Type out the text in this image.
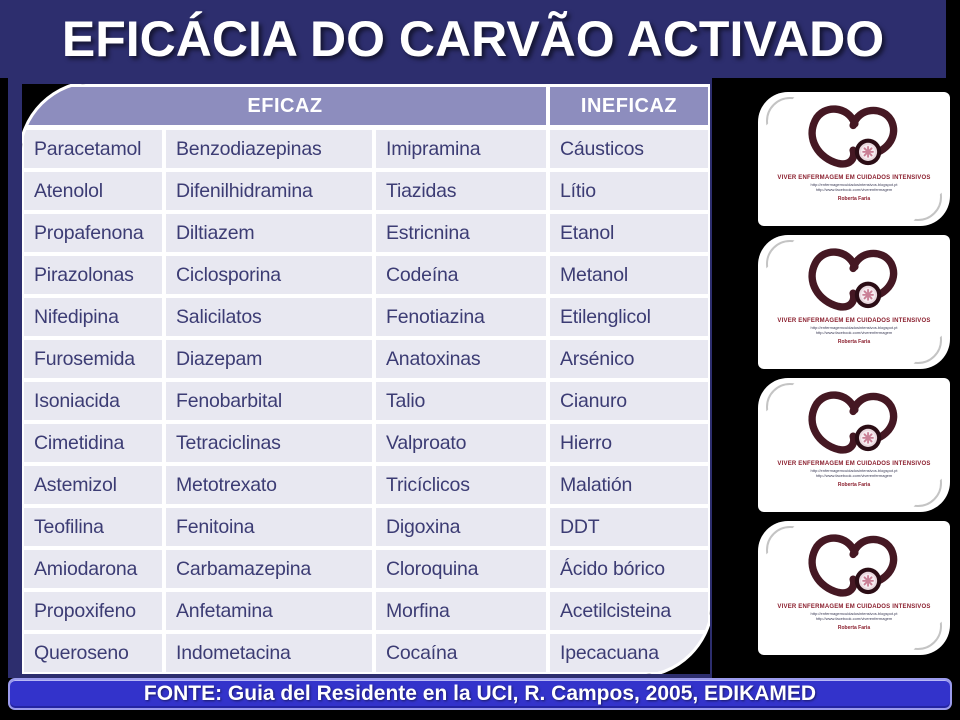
EFICÁCIA DO CARVÃO ACTIVADO
EFICAZ	INEFICAZ
Paracetamol	Benzodiazepinas	Imipramina	Cáusticos
Atenolol	Difenilhidramina	Tiazidas	Lítio
Propafenona	Diltiazem	Estricnina	Etanol
Pirazolonas	Ciclosporina	Codeína	Metanol
Nifedipina	Salicilatos	Fenotiazina	Etilenglicol
Furosemida	Diazepam	Anatoxinas	Arsénico
Isoniacida	Fenobarbital	Talio	Cianuro
Cimetidina	Tetraciclinas	Valproato	Hierro
Astemizol	Metotrexato	Tricíclicos	Malatión
Teofilina	Fenitoina	Digoxina	DDT
Amiodarona	Carbamazepina	Cloroquina	Ácido bórico
Propoxifeno	Anfetamina	Morfina	Acetilcisteina
Queroseno	Indometacina	Cocaína	Ipecacuana
VIVER ENFERMAGEM EM CUIDADOS INTENSIVOS
http://enfermagemcuidadosintensivos.blogspot.pt
http://www.facebook.com/viverenfermagem
Roberta Faria
VIVER ENFERMAGEM EM CUIDADOS INTENSIVOS
http://enfermagemcuidadosintensivos.blogspot.pt
http://www.facebook.com/viverenfermagem
Roberta Faria
VIVER ENFERMAGEM EM CUIDADOS INTENSIVOS
http://enfermagemcuidadosintensivos.blogspot.pt
http://www.facebook.com/viverenfermagem
Roberta Faria
VIVER ENFERMAGEM EM CUIDADOS INTENSIVOS
http://enfermagemcuidadosintensivos.blogspot.pt
http://www.facebook.com/viverenfermagem
Roberta Faria
FONTE: Guia del Residente en la UCI, R. Campos, 2005, EDIKAMED
